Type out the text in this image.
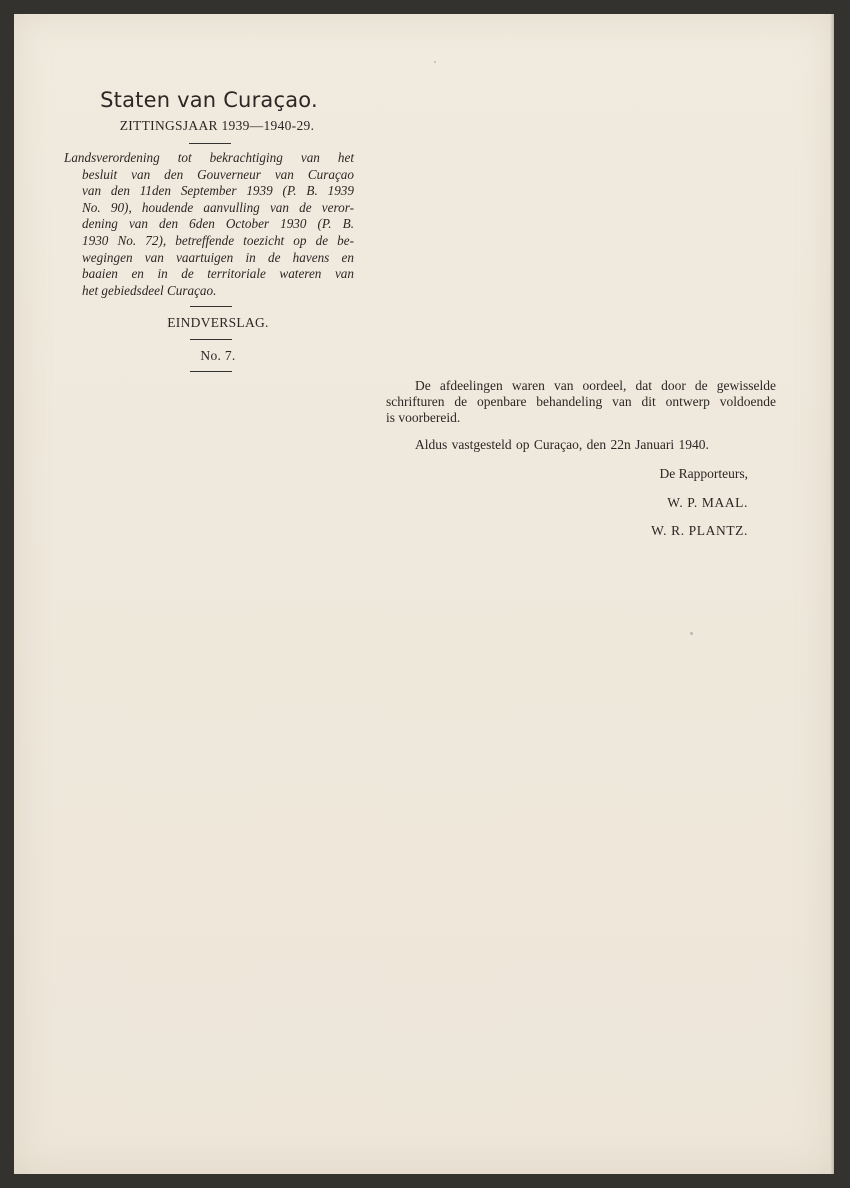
Staten van Curaçao.
ZITTINGSJAAR 1939—1940-29.
Landsverordening tot bekrachtiging van het
besluit van den Gouverneur van Curaçao
van den 11den September 1939 (P. B. 1939
No. 90), houdende aanvulling van de veror-
dening van den 6den October 1930 (P. B.
1930 No. 72), betreffende toezicht op de be-
wegingen van vaartuigen in de havens en
baaien en in de territoriale wateren van
het gebiedsdeel Curaçao.
EINDVERSLAG.
No. 7.

De afdeelingen waren van oordeel, dat door de gewisselde
schrifturen de openbare behandeling van dit ontwerp voldoende
is voorbereid.

Aldus vastgesteld op Curaçao, den 22n Januari 1940.
De Rapporteurs,
W. P. MAAL.
W. R. PLANTZ.
